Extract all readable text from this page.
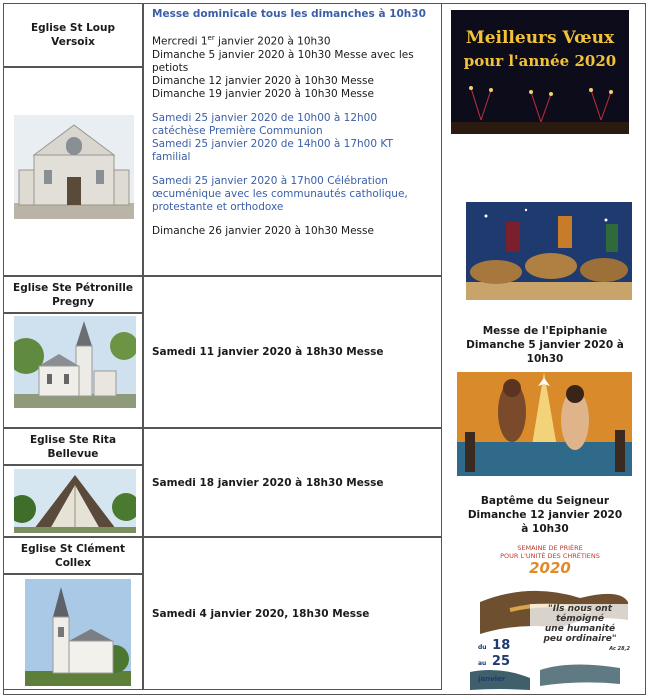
Eglise St Loup
Versoix
Eglise Ste Pétronille
Pregny
Eglise Ste Rita
Bellevue
Eglise St Clément
Collex
Messe dominicale tous les dimanches à 10h30
Mercredi 1er janvier 2020 à 10h30
Dimanche 5 janvier 2020 à 10h30 Messe avec les petiots
Dimanche 12 janvier 2020 à 10h30 Messe
Dimanche 19 janvier 2020 à 10h30 Messe
Samedi 25 janvier 2020 de 10h00 à 12h00 catéchèse Première Communion
Samedi 25 janvier 2020 de 14h00 à 17h00 KT familial
Samedi 25 janvier 2020 à 17h00 Célébration œcuménique avec les communautés catholique, protestante et orthodoxe
Dimanche 26 janvier 2020 à 10h30 Messe
Samedi 11 janvier 2020 à 18h30 Messe
Samedi 18 janvier 2020 à 18h30 Messe
Samedi 4 janvier 2020, 18h30 Messe
Meilleurs Vœux
pour l'année 2020
Messe de l'Epiphanie
Dimanche 5 janvier 2020 à 10h30
Baptême du Seigneur
Dimanche 12 janvier 2020
à 10h30
SEMAINE DE PRIÈRE
POUR L'UNITÉ DES CHRÉTIENS
2020
"Ils nous ont
témoigné
une humanité
peu ordinaire"
Ac 28,2
du 18
au 25
janvier
